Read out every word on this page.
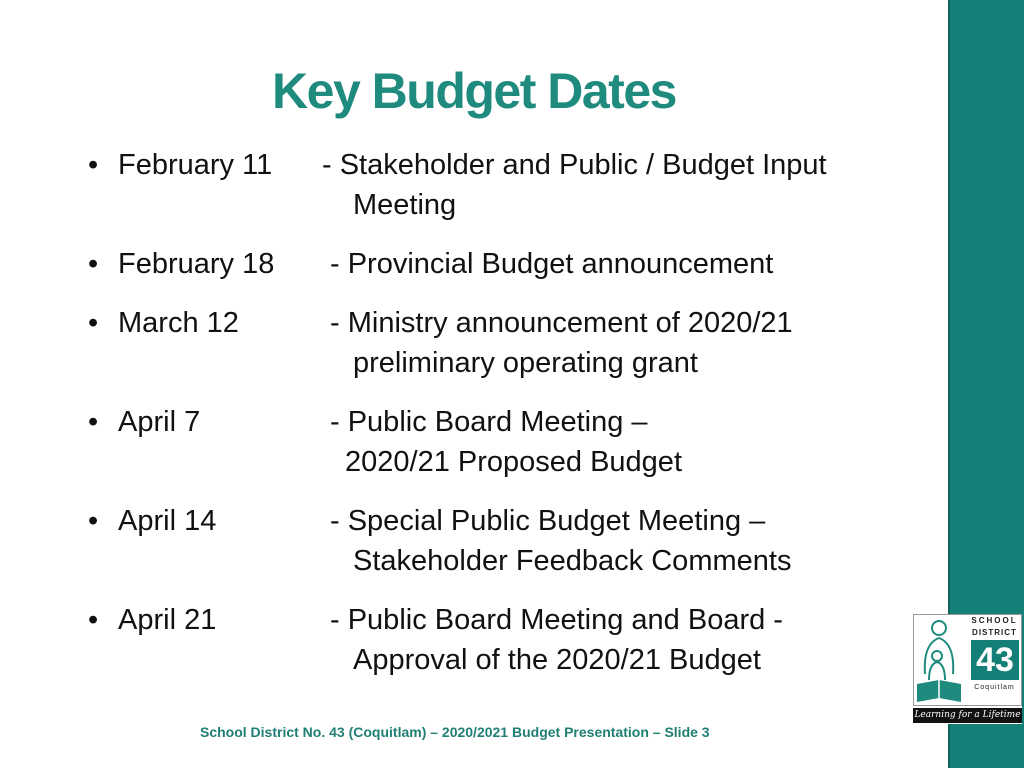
Key Budget Dates
• February 11 - Stakeholder and Public / Budget Input
Meeting
• February 18 - Provincial Budget announcement
• March 12	- Ministry announcement of 2020/21
preliminary operating grant
• April 7	- Public Board Meeting –
2020/21 Proposed Budget
• April 14	- Special Public Budget Meeting –
Stakeholder Feedback Comments
• April 21	- Public Board Meeting and Board -
Approval of the 2020/21 Budget
School District No. 43 (Coquitlam) – 2020/2021 Budget Presentation – Slide 3
SCHOOL
DISTRICT
43
Coquitlam
Learning for a Lifetime
